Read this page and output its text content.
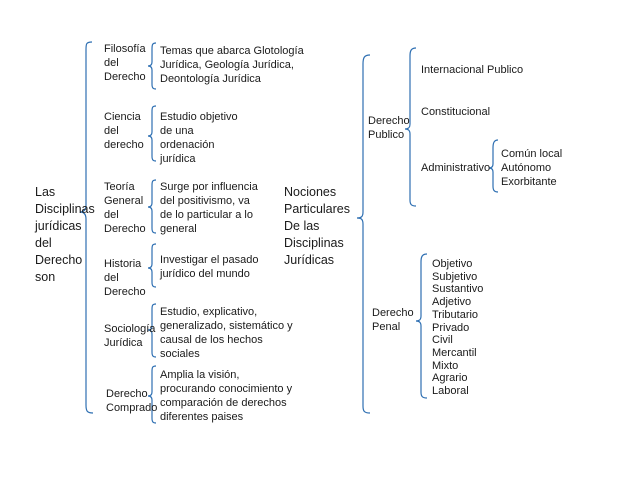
Las
Disciplinas
jurídicas
del
Derecho
son
Filosofía
del
Derecho
Temas que abarca Glotología
Jurídica, Geología Jurídica,
Deontología Jurídica
Ciencia
del
derecho
Estudio objetivo
de una
ordenación
jurídica
Teoría
General
del
Derecho
Surge por influencia
del positivismo, va
de lo particular a lo
general
Historia
del
Derecho
Investigar el pasado
jurídico del mundo
Sociología
Jurídica
Estudio, explicativo,
generalizado, sistemático y
causal de los hechos
sociales
Derecho
Comprado
Amplia la visión,
procurando conocimiento y
comparación de derechos
diferentes paises
Nociones
Particulares
De las
Disciplinas
Jurídicas
Derecho
Publico
Internacional Publico
Constitucional
Administrativo
Común local
Autónomo
Exorbitante
Derecho
Penal
Objetivo
Subjetivo
Sustantivo
Adjetivo
Tributario
Privado
Civil
Mercantil
Mixto
Agrario
Laboral
